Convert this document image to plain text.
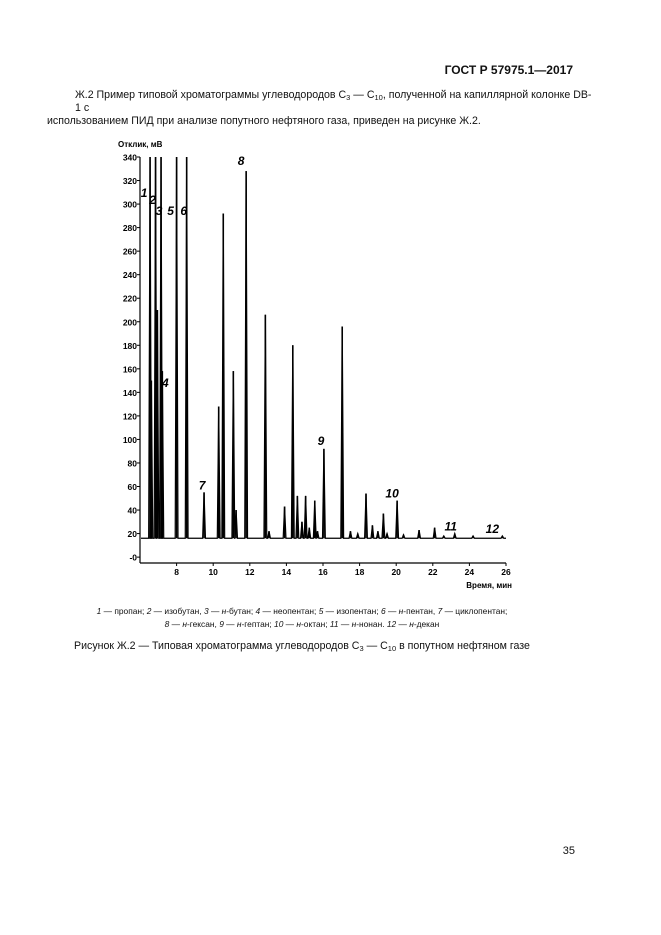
ГОСТ Р 57975.1—2017
Ж.2 Пример типовой хроматограммы углеводородов $C_3$ — $C_{10}$, полученной на капиллярной колонке DB-1 с
использованием ПИД при анализе попутного нефтяного газа, приведен на рисунке Ж.2.
-0
20
40
60
80
100
120
140
160
180
200
220
240
260
280
300
320
340
8	10	12	14	16	18	20	22	24	26
1 2
3
4
5 6
7
8
9
10
11 12
Отклик, мВ
Время, мин
1 — пропан; 2 — изобутан, 3 — н-бутан; 4 — неопентан; 5 — изопентан; 6 — н-пентан, 7 — циклопентан;
8 — н-гексан, 9 — н-гептан; 10 — н-октан; 11 — н-нонан. 12 — н-декан
Рисунок Ж.2 — Типовая хроматограмма углеводородов $C_3$ — $C_{10}$ в попутном нефтяном газе
35
